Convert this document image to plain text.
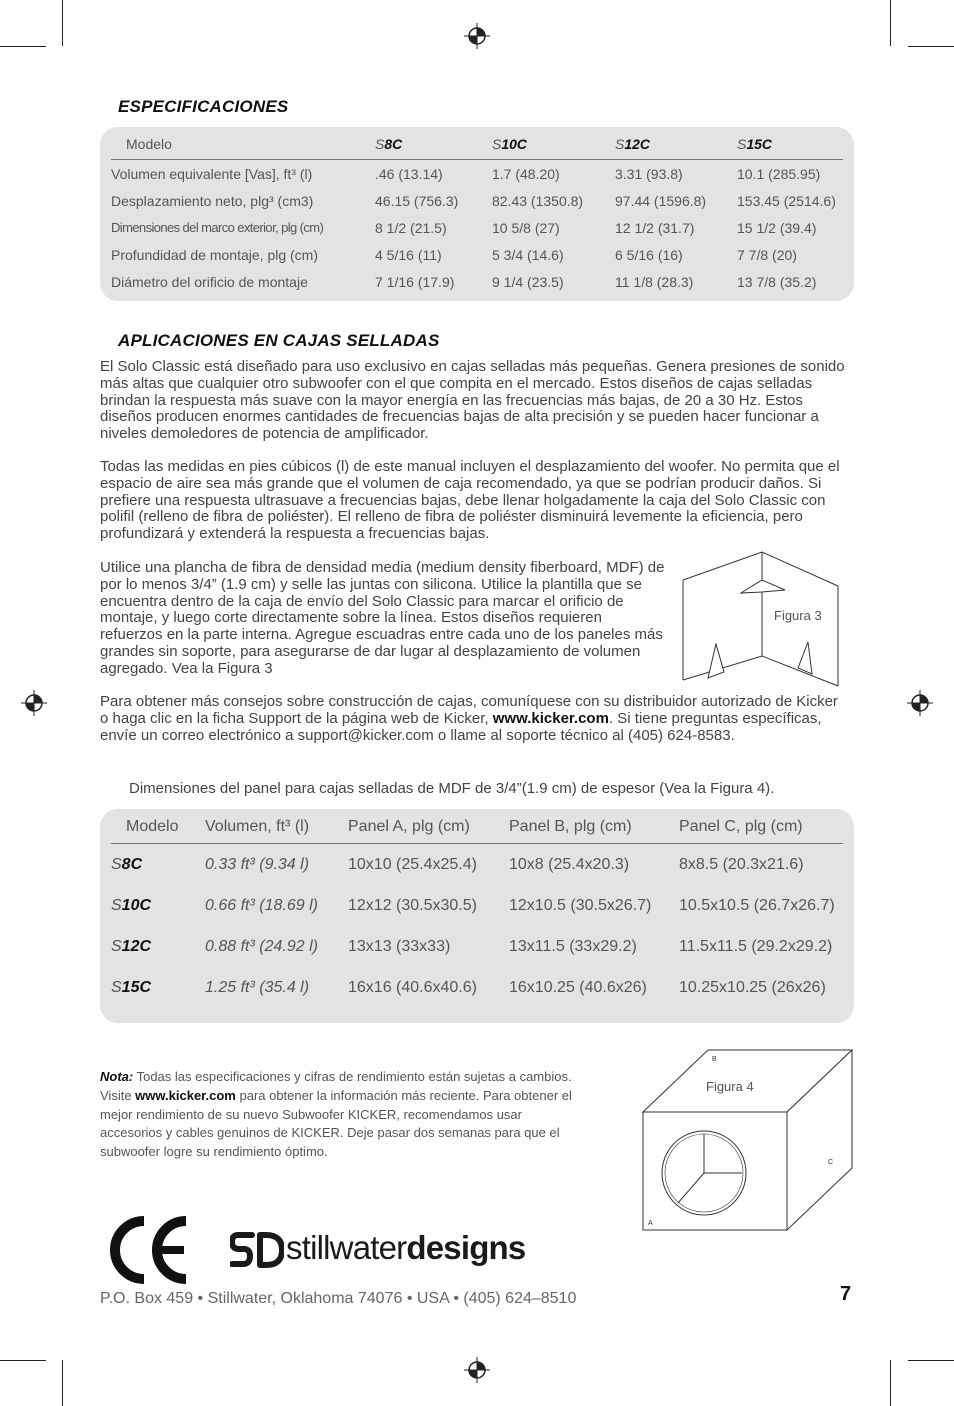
ESPECIFICACIONES
Modelo	S8C	S10C	S12C	S15C
Volumen equivalente [Vas], ft³ (l)	.46 (13.14)	1.7 (48.20)	3.31 (93.8)	10.1 (285.95)
Desplazamiento neto, plg³ (cm3)	46.15 (756.3)	82.43 (1350.8)	97.44 (1596.8)	153.45 (2514.6)
Dimensiones del marco exterior, plg (cm)	8 1/2 (21.5)	10 5/8 (27)	12 1/2 (31.7)	15 1/2 (39.4)
Profundidad de montaje, plg (cm)	4 5/16 (11)	5 3/4 (14.6)	6 5/16 (16)	7 7/8 (20)
Diámetro del orificio de montaje	7 1/16 (17.9)	9 1/4 (23.5)	11 1/8 (28.3)	13 7/8 (35.2)
APLICACIONES EN CAJAS SELLADAS
El Solo Classic está diseñado para uso exclusivo en cajas selladas más pequeñas. Genera presiones de sonido más altas que cualquier otro subwoofer con el que compita en el mercado. Estos diseños de cajas selladas brindan la respuesta más suave con la mayor energía en las frecuencias más bajas, de 20 a 30 Hz. Estos diseños producen enormes cantidades de frecuencias bajas de alta precisión y se pueden hacer funcionar a niveles demoledores de potencia de amplificador.
Todas las medidas en pies cúbicos (l) de este manual incluyen el desplazamiento del woofer. No permita que el espacio de aire sea más grande que el volumen de caja recomendado, ya que se podrían producir daños. Si prefiere una respuesta ultrasuave a frecuencias bajas, debe llenar holgadamente la caja del Solo Classic con polifil (relleno de fibra de poliéster). El relleno de fibra de poliéster disminuirá levemente la eficiencia, pero profundizará y extenderá la respuesta a frecuencias bajas.
Utilice una plancha de fibra de densidad media (medium density fiberboard, MDF) de por lo menos 3/4” (1.9 cm) y selle las juntas con silicona. Utilice la plantilla que se encuentra dentro de la caja de envío del Solo Classic para marcar el orificio de montaje, y luego corte directamente sobre la línea. Estos diseños requieren refuerzos en la parte interna. Agregue escuadras entre cada uno de los paneles más grandes sin soporte, para asegurarse de dar lugar al desplazamiento de volumen agregado. Vea la Figura 3
Para obtener más consejos sobre construcción de cajas, comuníquese con su distribuidor autorizado de Kicker o haga clic en la ficha Support de la página web de Kicker, www.kicker.com. Si tiene preguntas específicas, envíe un correo electrónico a support@kicker.com o llame al soporte técnico al (405) 624-8583.
Figura 3
Dimensiones del panel para cajas selladas de MDF de 3/4”(1.9 cm) de espesor (Vea la Figura 4).
Modelo	Volumen, ft³ (l)	Panel A, plg (cm)	Panel B, plg (cm)	Panel C, plg (cm)
S8C	0.33 ft³ (9.34 l)	10x10 (25.4x25.4)	10x8 (25.4x20.3)	8x8.5 (20.3x21.6)
S10C	0.66 ft³ (18.69 l)	12x12 (30.5x30.5)	12x10.5 (30.5x26.7)	10.5x10.5 (26.7x26.7)
S12C	0.88 ft³ (24.92 l)	13x13 (33x33)	13x11.5 (33x29.2)	11.5x11.5 (29.2x29.2)
S15C	1.25 ft³ (35.4 l)	16x16 (40.6x40.6)	16x10.25 (40.6x26)	10.25x10.25 (26x26)
Nota: Todas las especificaciones y cifras de rendimiento están sujetas a cambios. Visite www.kicker.com para obtener la información más reciente. Para obtener el mejor rendimiento de su nuevo Subwoofer KICKER, recomendamos usar accesorios y cables genuinos de KICKER. Deje pasar dos semanas para que el subwoofer logre su rendimiento óptimo.
Figura 4
B
C
A
stillwaterdesigns
P.O. Box 459 • Stillwater, Oklahoma 74076 • USA • (405) 624–8510	7
